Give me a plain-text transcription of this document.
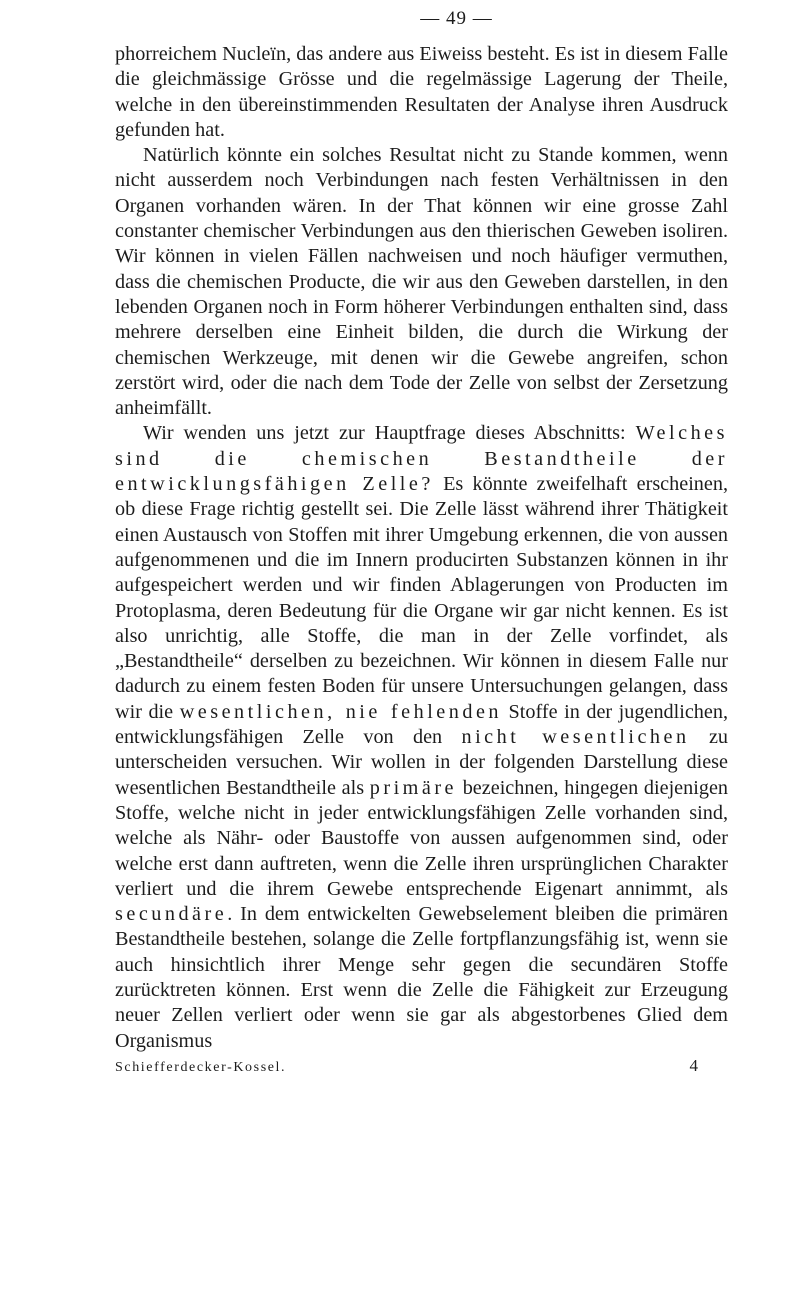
— 49 —

phorreichem Nucleïn, das andere aus Eiweiss besteht. Es ist in diesem Falle die gleichmässige Grösse und die regelmässige Lagerung der Theile, welche in den übereinstimmenden Resultaten der Analyse ihren Ausdruck gefunden hat.

Natürlich könnte ein solches Resultat nicht zu Stande kommen, wenn nicht ausserdem noch Verbindungen nach festen Verhältnissen in den Organen vorhanden wären. In der That können wir eine grosse Zahl constanter chemischer Verbindungen aus den thierischen Geweben isoliren. Wir können in vielen Fällen nachweisen und noch häufiger vermuthen, dass die chemischen Producte, die wir aus den Geweben darstellen, in den lebenden Organen noch in Form höherer Verbindungen enthalten sind, dass mehrere derselben eine Einheit bilden, die durch die Wirkung der chemischen Werkzeuge, mit denen wir die Gewebe angreifen, schon zerstört wird, oder die nach dem Tode der Zelle von selbst der Zersetzung anheimfällt.

Wir wenden uns jetzt zur Hauptfrage dieses Abschnitts: Welches sind die chemischen Bestandtheile der entwicklungsfähigen Zelle? Es könnte zweifelhaft erscheinen, ob diese Frage richtig gestellt sei. Die Zelle lässt während ihrer Thätigkeit einen Austausch von Stoffen mit ihrer Umgebung erkennen, die von aussen aufgenommenen und die im Innern producirten Substanzen können in ihr aufgespeichert werden und wir finden Ablagerungen von Producten im Protoplasma, deren Bedeutung für die Organe wir gar nicht kennen. Es ist also unrichtig, alle Stoffe, die man in der Zelle vorfindet, als „Bestandtheile“ derselben zu bezeichnen. Wir können in diesem Falle nur dadurch zu einem festen Boden für unsere Untersuchungen gelangen, dass wir die wesentlichen, nie fehlenden Stoffe in der jugendlichen, entwicklungsfähigen Zelle von den nicht wesentlichen zu unterscheiden versuchen. Wir wollen in der folgenden Darstellung diese wesentlichen Bestandtheile als primäre bezeichnen, hingegen diejenigen Stoffe, welche nicht in jeder entwicklungsfähigen Zelle vorhanden sind, welche als Nähr- oder Baustoffe von aussen aufgenommen sind, oder welche erst dann auftreten, wenn die Zelle ihren ursprünglichen Charakter verliert und die ihrem Gewebe entsprechende Eigenart annimmt, als secundäre. In dem entwickelten Gewebselement bleiben die primären Bestandtheile bestehen, solange die Zelle fortpflanzungsfähig ist, wenn sie auch hinsichtlich ihrer Menge sehr gegen die secundären Stoffe zurücktreten können. Erst wenn die Zelle die Fähigkeit zur Erzeugung neuer Zellen verliert oder wenn sie gar als abgestorbenes Glied dem Organismus

Schiefferdecker-Kossel.	4
